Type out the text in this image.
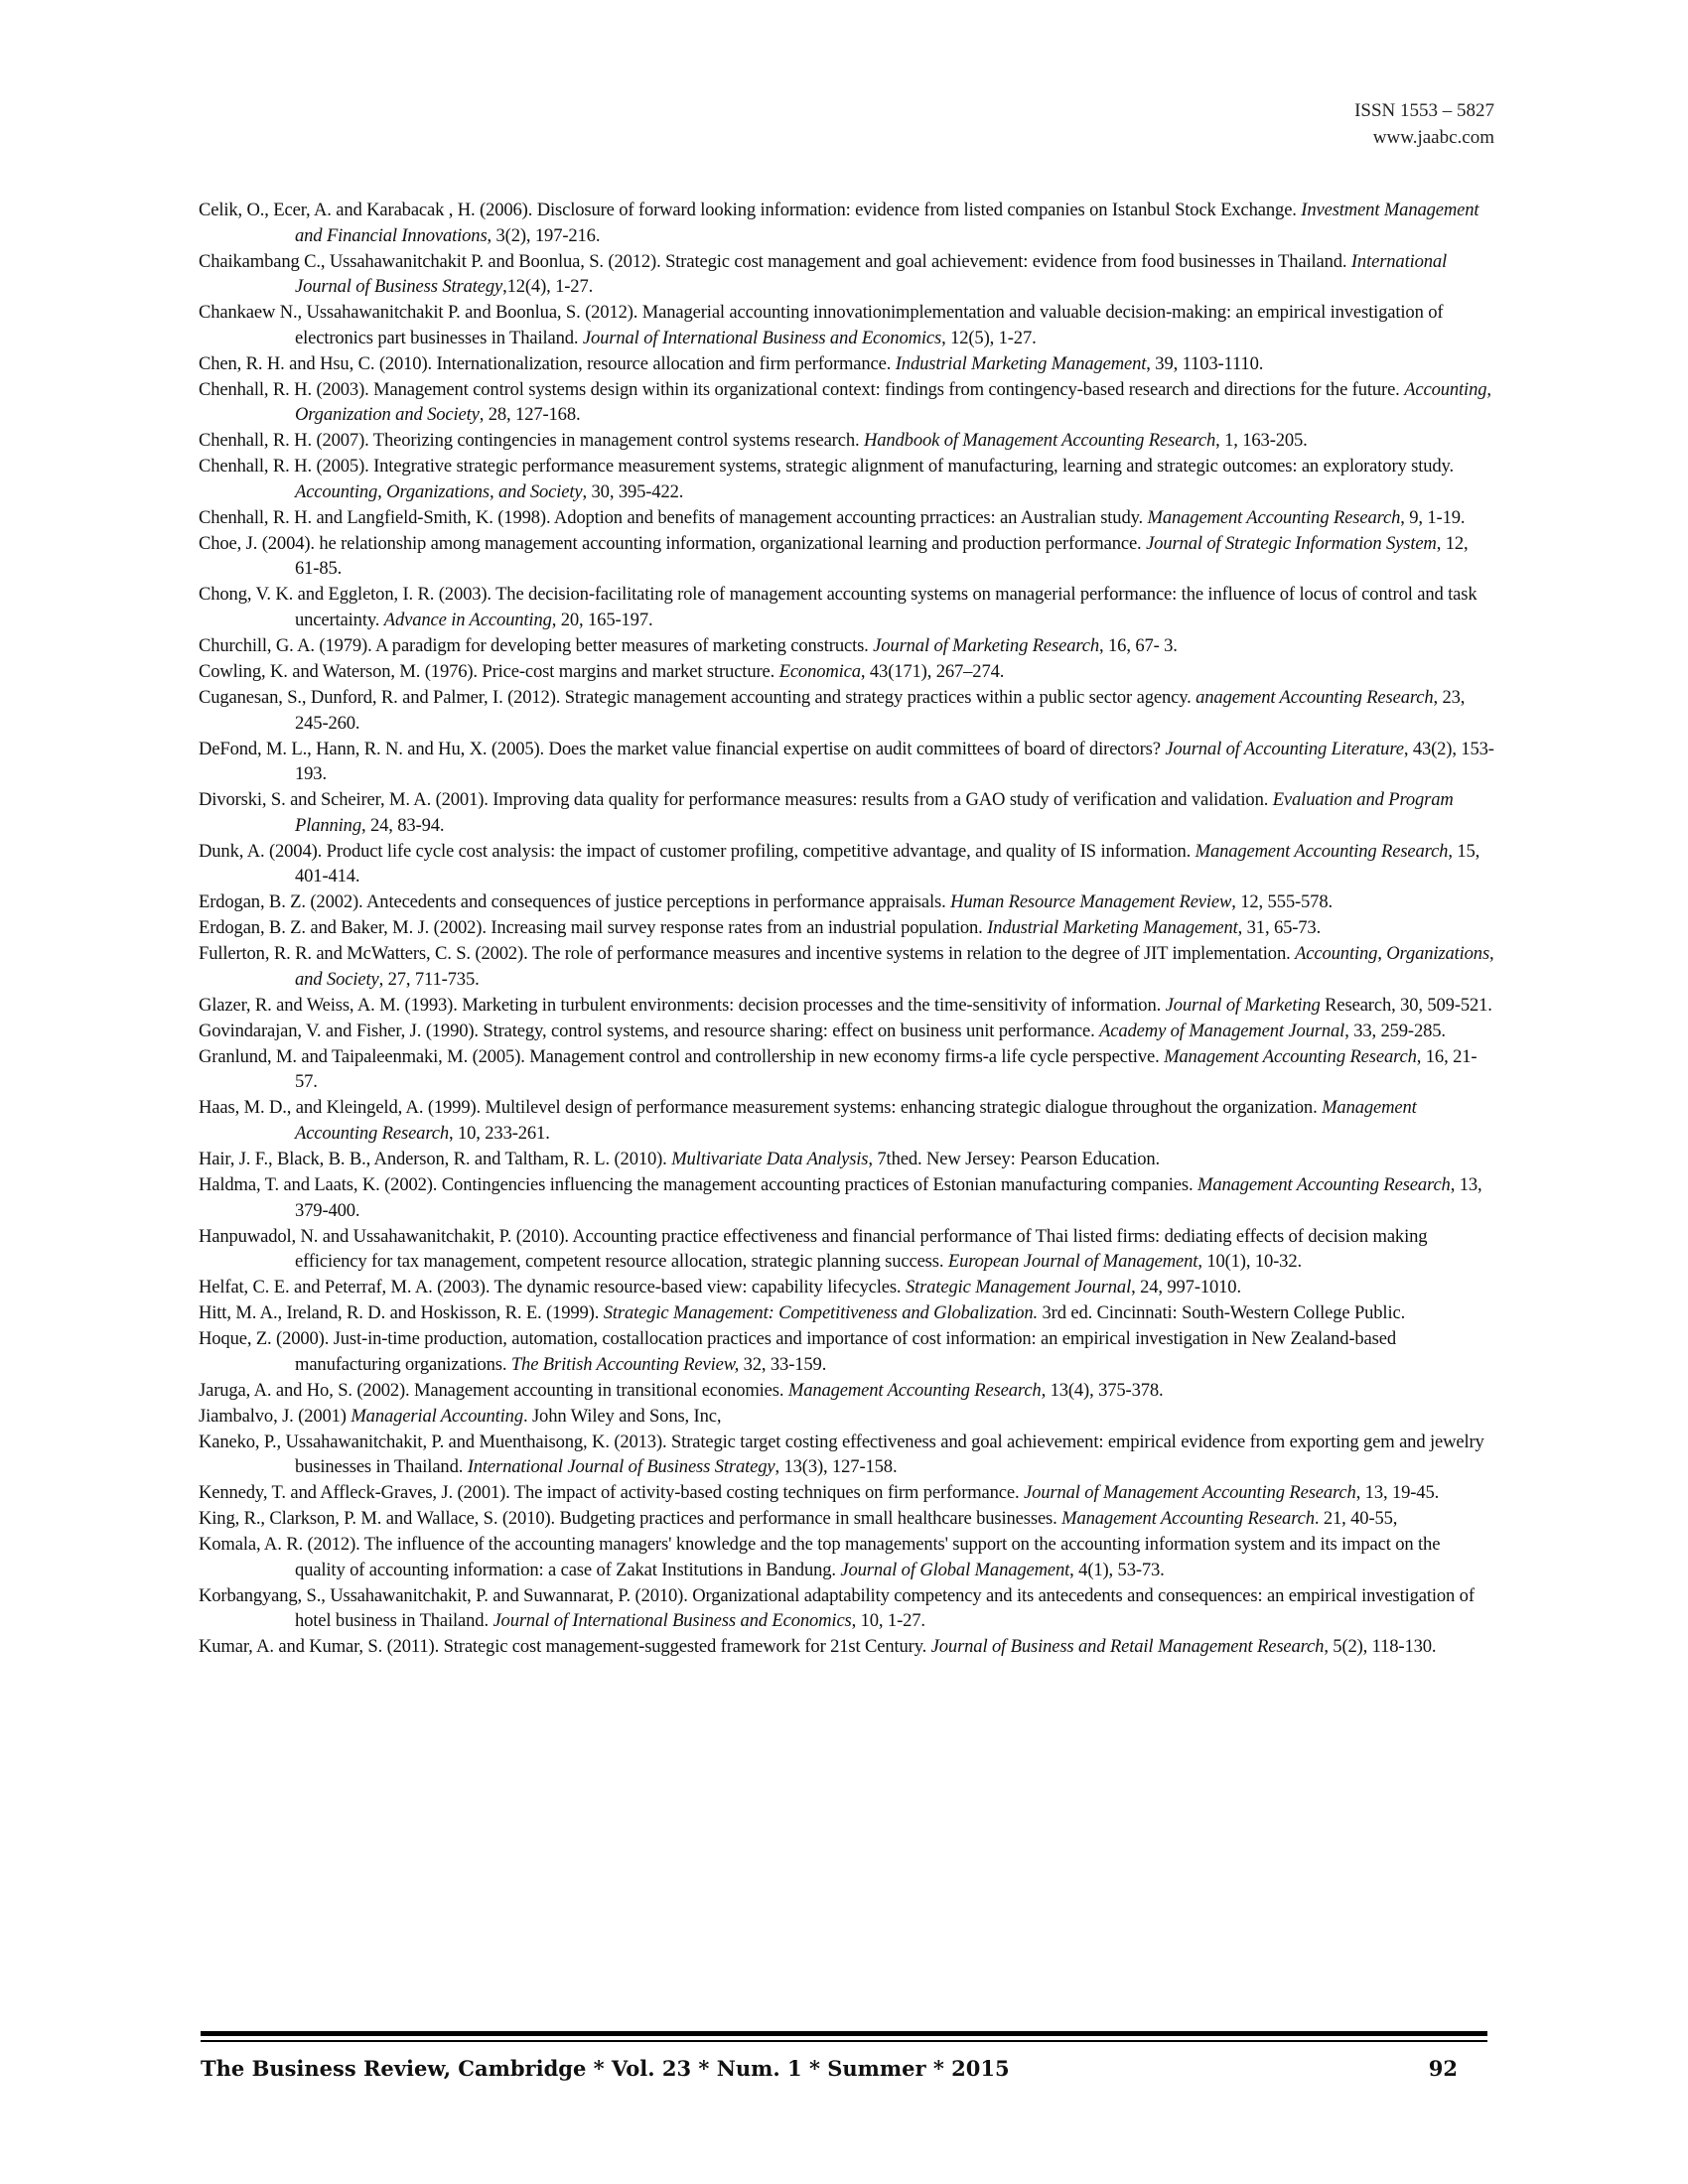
ISSN 1553 – 5827
www.jaabc.com
Celik, O., Ecer, A. and Karabacak , H. (2006). Disclosure of forward looking information: evidence from listed companies on Istanbul Stock Exchange. Investment Management and Financial Innovations, 3(2), 197-216.
Chaikambang C., Ussahawanitchakit P. and Boonlua, S. (2012). Strategic cost management and goal achievement: evidence from food businesses in Thailand. International Journal of Business Strategy,12(4), 1-27.
Chankaew N., Ussahawanitchakit P. and Boonlua, S. (2012). Managerial accounting innovationimplementation and valuable decision-making: an empirical investigation of electronics part businesses in Thailand. Journal of International Business and Economics, 12(5), 1-27.
Chen, R. H. and Hsu, C. (2010). Internationalization, resource allocation and firm performance. Industrial Marketing Management, 39, 1103-1110.
Chenhall, R. H. (2003). Management control systems design within its organizational context: findings from contingency-based research and directions for the future. Accounting, Organization and Society, 28, 127-168.
Chenhall, R. H. (2007). Theorizing contingencies in management control systems research. Handbook of Management Accounting Research, 1, 163-205.
Chenhall, R. H. (2005). Integrative strategic performance measurement systems, strategic alignment of manufacturing, learning and strategic outcomes: an exploratory study. Accounting, Organizations, and Society, 30, 395-422.
Chenhall, R. H. and Langfield-Smith, K. (1998). Adoption and benefits of management accounting prractices: an Australian study. Management Accounting Research, 9, 1-19.
Choe, J. (2004). he relationship among management accounting information, organizational learning and production performance. Journal of Strategic Information System, 12, 61-85.
Chong, V. K. and Eggleton, I. R. (2003). The decision-facilitating role of management accounting systems on managerial performance: the influence of locus of control and task uncertainty. Advance in Accounting, 20, 165-197.
Churchill, G. A. (1979). A paradigm for developing better measures of marketing constructs. Journal of Marketing Research, 16, 67- 3.
Cowling, K. and Waterson, M. (1976). Price-cost margins and market structure. Economica, 43(171), 267–274.
Cuganesan, S., Dunford, R. and Palmer, I. (2012). Strategic management accounting and strategy practices within a public sector agency. anagement Accounting Research, 23, 245-260.
DeFond, M. L., Hann, R. N. and Hu, X. (2005). Does the market value financial expertise on audit committees of board of directors? Journal of Accounting Literature, 43(2), 153-193.
Divorski, S. and Scheirer, M. A. (2001). Improving data quality for performance measures: results from a GAO study of verification and validation. Evaluation and Program Planning, 24, 83-94.
Dunk, A. (2004). Product life cycle cost analysis: the impact of customer profiling, competitive advantage, and quality of IS information. Management Accounting Research, 15, 401-414.
Erdogan, B. Z. (2002). Antecedents and consequences of justice perceptions in performance appraisals. Human Resource Management Review, 12, 555-578.
Erdogan, B. Z. and Baker, M. J. (2002). Increasing mail survey response rates from an industrial population. Industrial Marketing Management, 31, 65-73.
Fullerton, R. R. and McWatters, C. S. (2002). The role of performance measures and incentive systems in relation to the degree of JIT implementation. Accounting, Organizations, and Society, 27, 711-735.
Glazer, R. and Weiss, A. M. (1993). Marketing in turbulent environments: decision processes and the time-sensitivity of information. Journal of Marketing Research, 30, 509-521.
Govindarajan, V. and Fisher, J. (1990). Strategy, control systems, and resource sharing: effect on business unit performance. Academy of Management Journal, 33, 259-285.
Granlund, M. and Taipaleenmaki, M. (2005). Management control and controllership in new economy firms-a life cycle perspective. Management Accounting Research, 16, 21-57.
Haas, M. D., and Kleingeld, A. (1999). Multilevel design of performance measurement systems: enhancing strategic dialogue throughout the organization. Management Accounting Research, 10, 233-261.
Hair, J. F., Black, B. B., Anderson, R. and Taltham, R. L. (2010). Multivariate Data Analysis, 7thed. New Jersey: Pearson Education.
Haldma, T. and Laats, K. (2002). Contingencies influencing the management accounting practices of Estonian manufacturing companies. Management Accounting Research, 13, 379-400.
Hanpuwadol, N. and Ussahawanitchakit, P. (2010). Accounting practice effectiveness and financial performance of Thai listed firms: dediating effects of decision making efficiency for tax management, competent resource allocation, strategic planning success. European Journal of Management, 10(1), 10-32.
Helfat, C. E. and Peterraf, M. A. (2003). The dynamic resource-based view: capability lifecycles. Strategic Management Journal, 24, 997-1010.
Hitt, M. A., Ireland, R. D. and Hoskisson, R. E. (1999). Strategic Management: Competitiveness and Globalization. 3rd ed. Cincinnati: South-Western College Public.
Hoque, Z. (2000). Just-in-time production, automation, costallocation practices and importance of cost information: an empirical investigation in New Zealand-based manufacturing organizations. The British Accounting Review, 32, 33-159.
Jaruga, A. and Ho, S. (2002). Management accounting in transitional economies. Management Accounting Research, 13(4), 375-378.
Jiambalvo, J. (2001) Managerial Accounting. John Wiley and Sons, Inc,
Kaneko, P., Ussahawanitchakit, P. and Muenthaisong, K. (2013). Strategic target costing effectiveness and goal achievement: empirical evidence from exporting gem and jewelry businesses in Thailand. International Journal of Business Strategy, 13(3), 127-158.
Kennedy, T. and Affleck-Graves, J. (2001). The impact of activity-based costing techniques on firm performance. Journal of Management Accounting Research, 13, 19-45.
King, R., Clarkson, P. M. and Wallace, S. (2010). Budgeting practices and performance in small healthcare businesses. Management Accounting Research. 21, 40-55,
Komala, A. R. (2012). The influence of the accounting managers' knowledge and the top managements' support on the accounting information system and its impact on the quality of accounting information: a case of Zakat Institutions in Bandung. Journal of Global Management, 4(1), 53-73.
Korbangyang, S., Ussahawanitchakit, P. and Suwannarat, P. (2010). Organizational adaptability competency and its antecedents and consequences: an empirical investigation of hotel business in Thailand. Journal of International Business and Economics, 10, 1-27.
Kumar, A. and Kumar, S. (2011). Strategic cost management-suggested framework for 21st Century. Journal of Business and Retail Management Research, 5(2), 118-130.
The Business Review, Cambridge * Vol. 23 * Num. 1 * Summer * 2015	92
